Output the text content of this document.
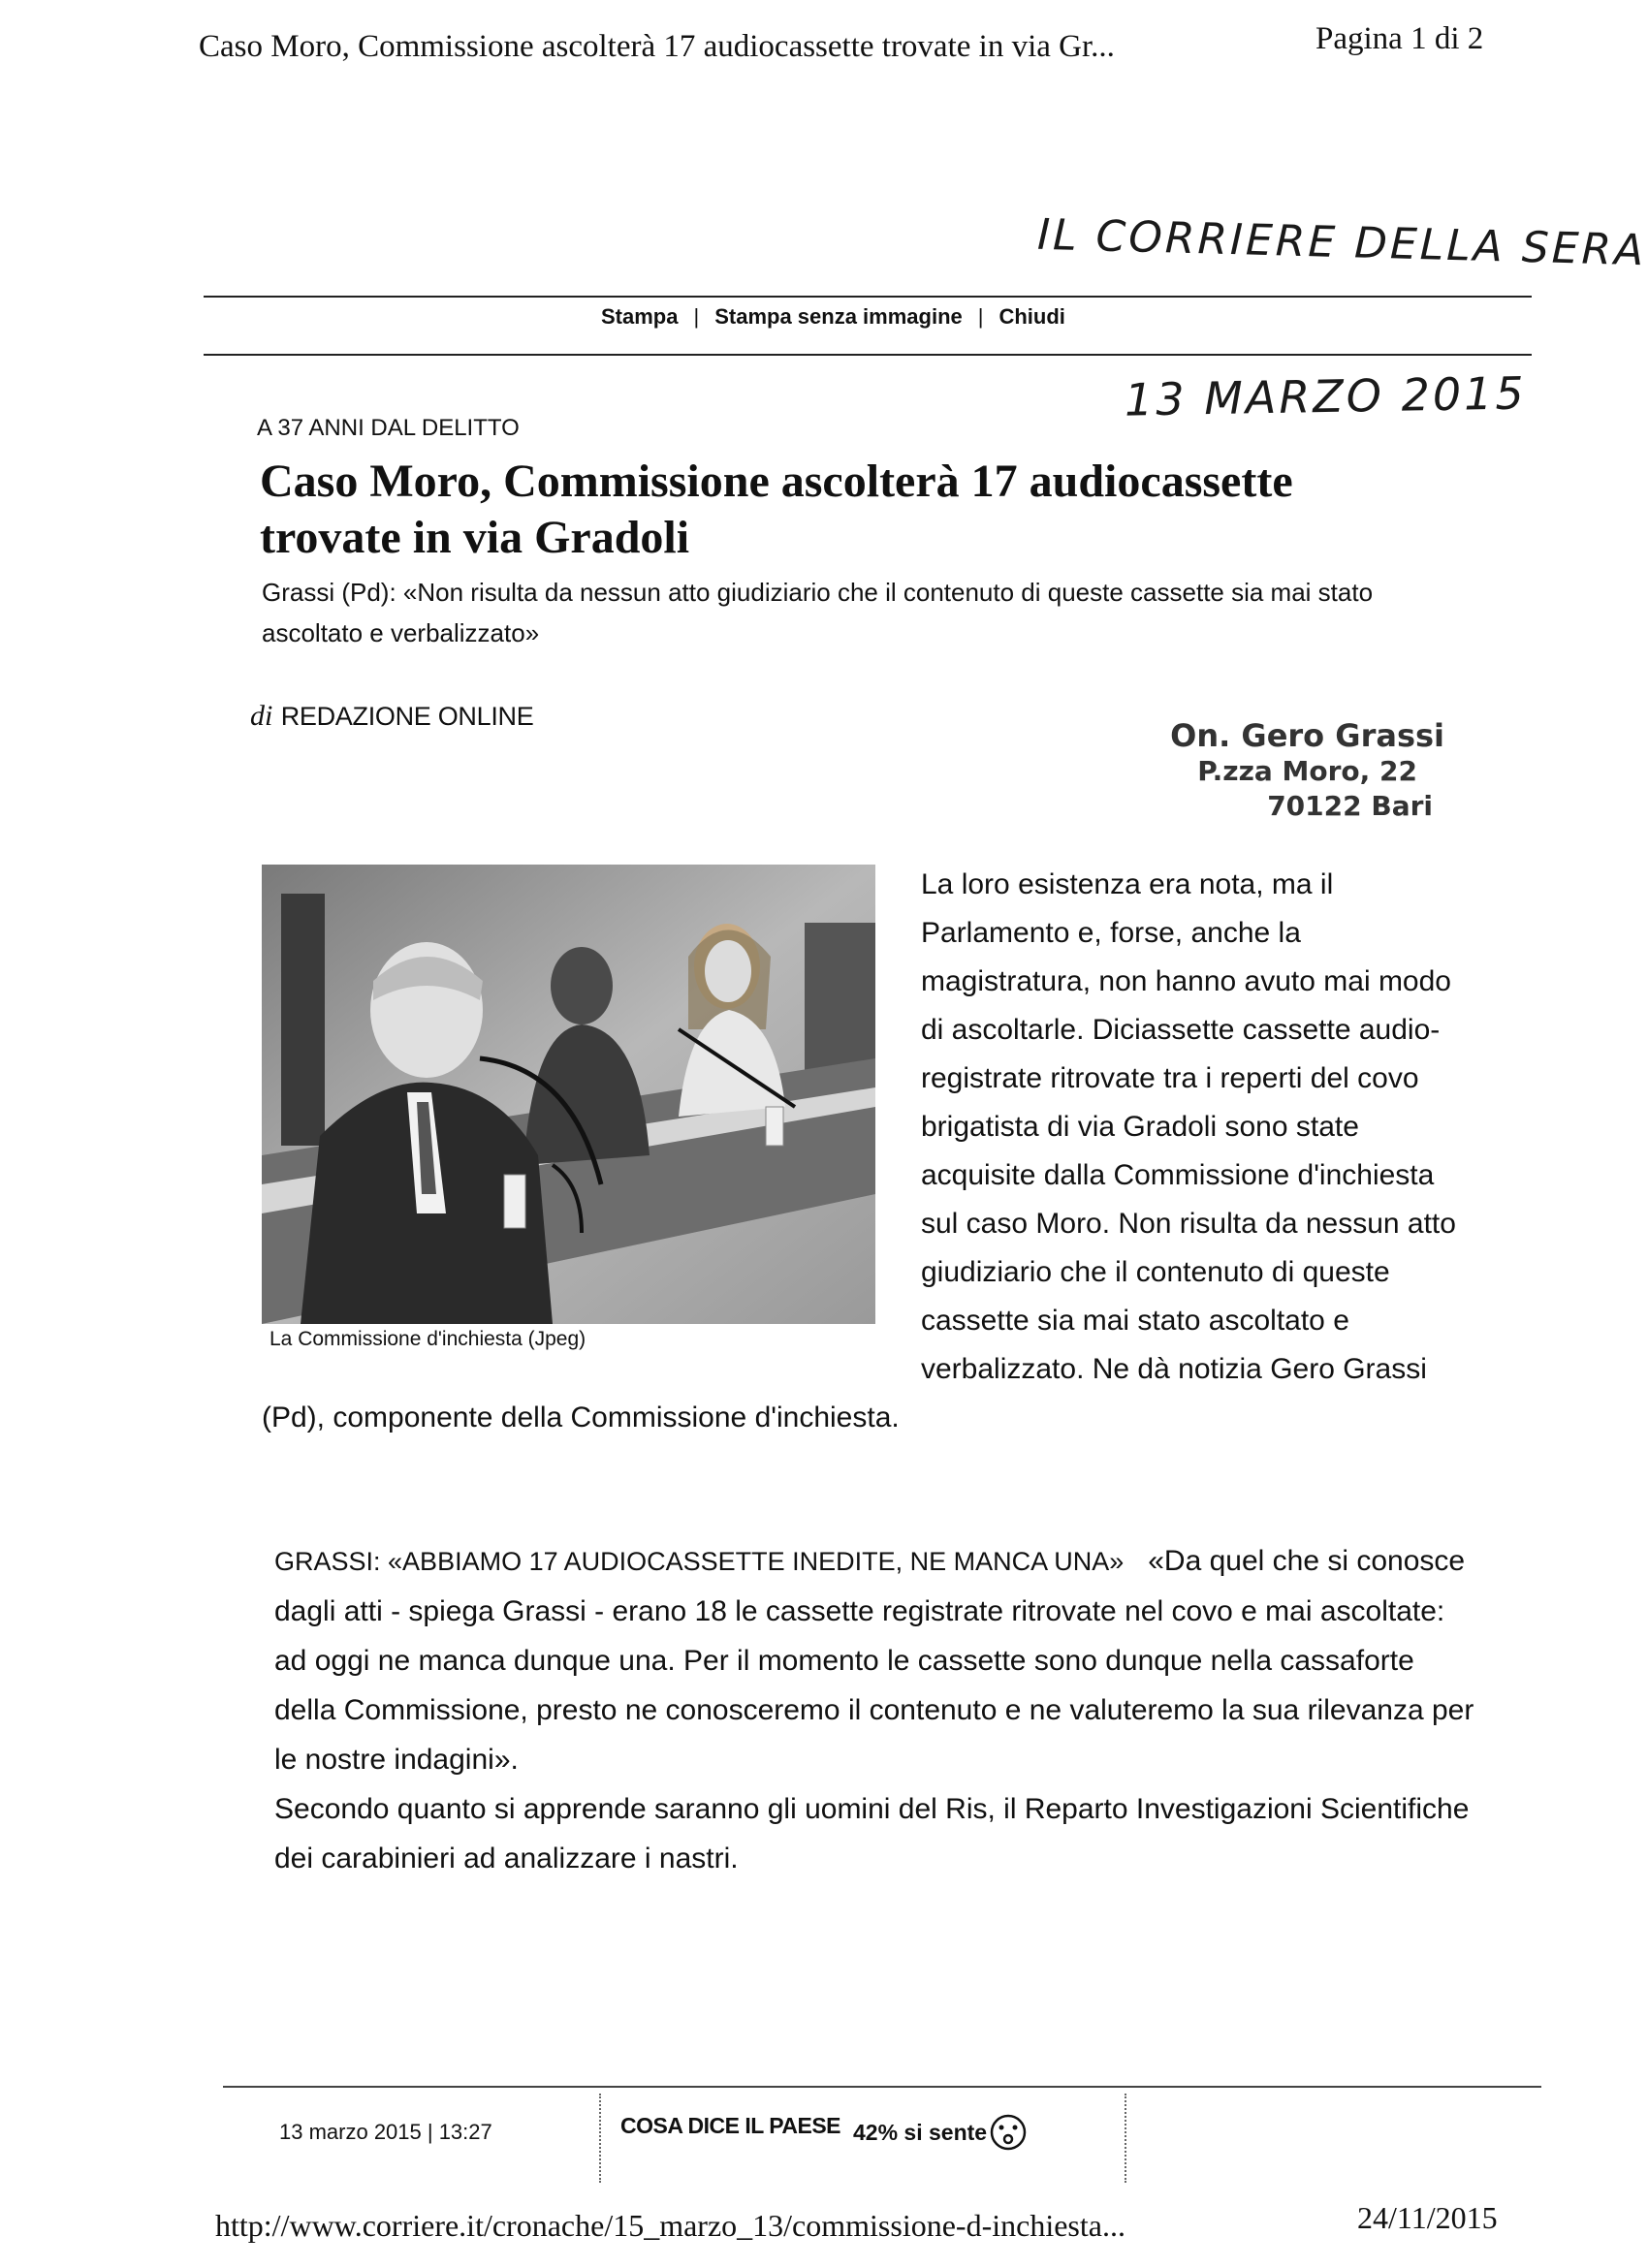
Caso Moro, Commissione ascolterà 17 audiocassette trovate in via Gr...	Pagina 1 di 2
IL CORRIERE DELLA SERA
13 MARZO 2015
Stampa | Stampa senza immagine | Chiudi
A 37 ANNI DAL DELITTO
Caso Moro, Commissione ascolterà 17 audiocassette trovate in via Gradoli

Grassi (Pd): «Non risulta da nessun atto giudiziario che il contenuto di queste cassette sia mai stato ascoltato e verbalizzato»

di REDAZIONE ONLINE
On. Gero Grassi
P.zza Moro, 22
70122 Bari
La Commissione d'inchiesta (Jpeg)

La loro esistenza era nota, ma il Parlamento e, forse, anche la magistratura, non hanno avuto mai modo di ascoltarle. Diciassette cassette audio-registrate ritrovate tra i reperti del covo brigatista di via Gradoli sono state acquisite dalla Commissione d'inchiesta sul caso Moro. Non risulta da nessun atto giudiziario che il contenuto di queste cassette sia mai stato ascoltato e verbalizzato. Ne dà notizia Gero Grassi (Pd), componente della Commissione d'inchiesta.

GRASSI: «ABBIAMO 17 AUDIOCASSETTE INEDITE, NE MANCA UNA» «Da quel che si conosce dagli atti - spiega Grassi - erano 18 le cassette registrate ritrovate nel covo e mai ascoltate: ad oggi ne manca dunque una. Per il momento le cassette sono dunque nella cassaforte della Commissione, presto ne conosceremo il contenuto e ne valuteremo la sua rilevanza per le nostre indagini».
Secondo quanto si apprende saranno gli uomini del Ris, il Reparto Investigazioni Scientifiche dei carabinieri ad analizzare i nastri.

13 marzo 2015 | 13:27	COSA DICE IL PAESE 42% si sente
http://www.corriere.it/cronache/15_marzo_13/commissione-d-inchiesta...	24/11/2015
